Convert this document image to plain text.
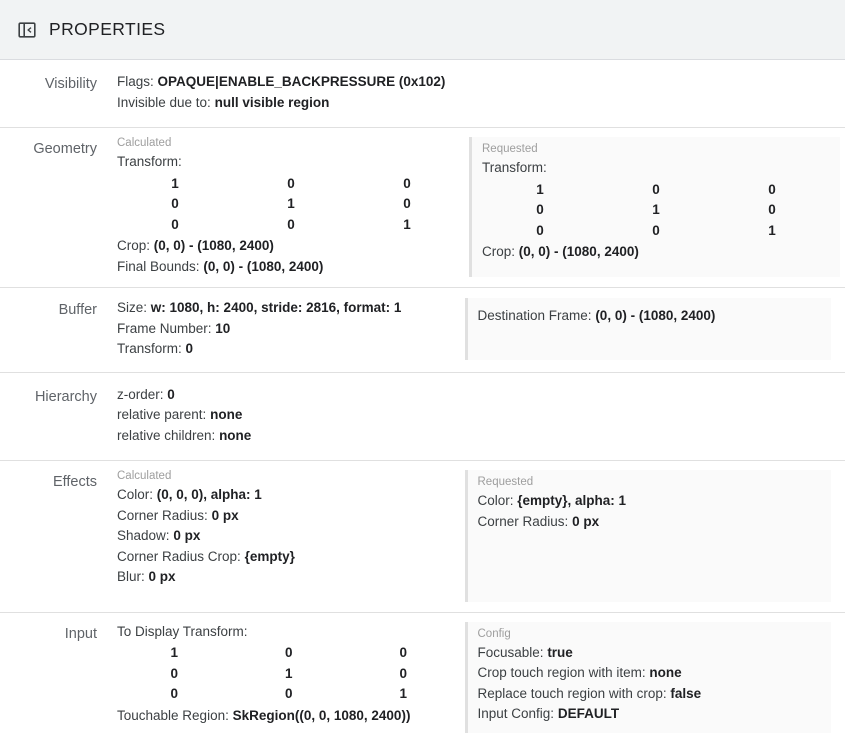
PROPERTIES
Visibility	Flags: OPAQUE|ENABLE_BACKPRESSURE (0x102)
Invisible due to: null visible region
Geometry	Calculated
Transform:
1	0	0
0	1	0
0	0	1
Crop: (0, 0) - (1080, 2400)
Final Bounds: (0, 0) - (1080, 2400)
Requested
Transform:
1	0	0
0	1	0
0	0	1
Crop: (0, 0) - (1080, 2400)
Buffer	Size: w: 1080, h: 2400, stride: 2816, format: 1
Frame Number: 10
Transform: 0
Destination Frame: (0, 0) - (1080, 2400)

Hierarchy	z-order: 0
relative parent: none
relative children: none
Effects	Calculated
Color: (0, 0, 0), alpha: 1
Corner Radius: 0 px
Shadow: 0 px
Corner Radius Crop: {empty}
Blur: 0 px
Requested
Color: {empty}, alpha: 1
Corner Radius: 0 px

Input	To Display Transform:
1	0	0
0	1	0
0	0	1
Touchable Region: SkRegion((0, 0, 1080, 2400))
Config
Focusable: true
Crop touch region with item: none
Replace touch region with crop: false
Input Config: DEFAULT
